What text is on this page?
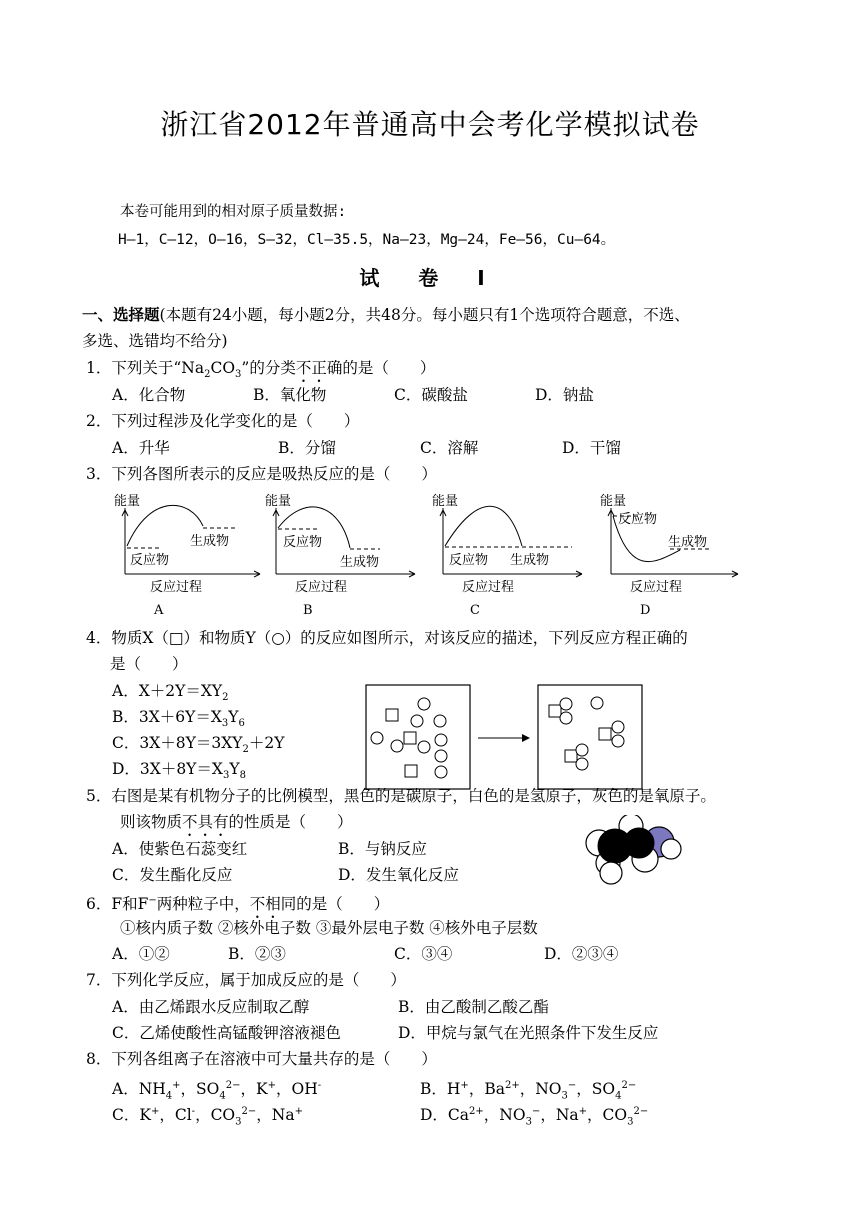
浙江省2012年普通高中会考化学模拟试卷
本卷可能用到的相对原子质量数据:
H—1，C—12，O—16，S—32，Cl—35.5，Na—23，Mg—24，Fe—56，Cu—64。
试 卷 Ⅰ
一、选择题(本题有24小题，每小题2分，共48分。每小题只有1个选项符合题意，不选、
多选、选错均不给分)
1．下列关于“$Na_2CO_3$”的分类不正确的是（　　）
A．化合物	B．氧化物	C．碳酸盐	D．钠盐
2．下列过程涉及化学变化的是（　　）
A．升华	B．分馏	C．溶解	D．干馏
3．下列各图所表示的反应是吸热反应的是（　　）
能量
反应物
生成物
反应过程
A
能量
反应物
生成物
反应过程
B
能量
反应物 生成物
反应过程
C
能量
反应物
生成物
反应过程
D
4．物质X（□）和物质Y（○）的反应如图所示，对该反应的描述，下列反应方程正确的
是（　　）
A．$X+2Y=XY_2$
B．$3X+6Y=X_3Y_6$
C．$3X+8Y=3XY_2+2Y$
D．$3X+8Y=X_3Y_8$
5．右图是某有机物分子的比例模型，黑色的是碳原子，白色的是氢原子，灰色的是氧原子。
则该物质不具有的性质是（　　）
A．使紫色石蕊变红	B．与钠反应
C．发生酯化反应	D．发生氧化反应
6．F和F−两种粒子中，不相同的是（　　）
①核内质子数 ②核外电子数 ③最外层电子数 ④核外电子层数
A．①②	B．②③	C．③④	D．②③④
7．下列化学反应，属于加成反应的是（　　）
A．由乙烯跟水反应制取乙醇	B．由乙酸制乙酸乙酯
C．乙烯使酸性高锰酸钾溶液褪色	D．甲烷与氯气在光照条件下发生反应
8．下列各组离子在溶液中可大量共存的是（　　）
A．$NH_4^+$，$SO_4^{2-}$，K+，OH-	B．H+，$Ba^{2+}$，$NO_3^-$，$SO_4^{2-}$
C．K+，Cl-，$CO_3^{2-}$，Na+	D．$Ca^{2+}$，$NO_3^-$，Na+，$CO_3^{2-}$
